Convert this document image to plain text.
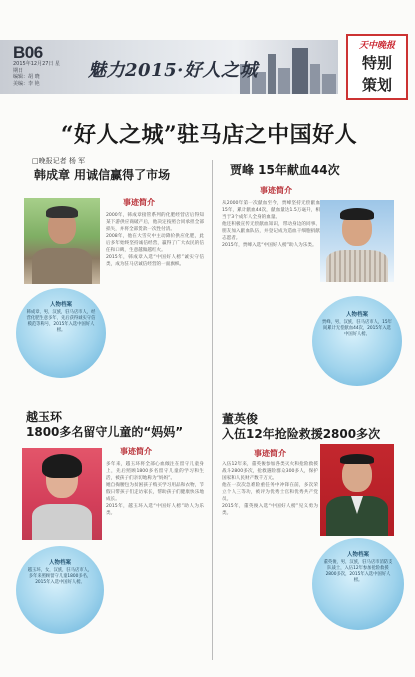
B06
2015年12月27日 星期日
编辑：胡 晓
美编：李 艳
魅力2015·好人之城
天中晚报
特别
策划
“好人之城”驻马店之中国好人
□晚报记者 杨 军
韩成章 用诚信赢得了市场
事迹简介

2000年，韩成章接管系列的化肥经营店后得知某下游供应商破产后，他决定按照合同承担全部损失，并将全部货款一次性付清。

2008年，他在大雪灾中主动降价供应化肥，此后多年始终坚持诚信经营，赢得了广大农民的信任和口碑，生意越做越红火。

2015年，韩成章入选“中国好人榜”诚实守信类，成为驻马店诚信经营的一面旗帜。

人物档案
韩成章，男，汉族，驻马店市人，经营化肥生意多年，先后获得诚实守信模范等称号，2015年入选中国好人榜。
贾峰 15年献血44次
事迹简介

从2000年第一次献血至今，贾峰坚持无偿献血15年，累计献血44次，献血量达1.5万毫升，相当于3个成年人全身的血量。

他还积极宣传无偿献血知识，带动身边的同事、朋友加入献血队伍，并登记成为造血干细胞捐献志愿者。

2015年，贾峰入选“中国好人榜”助人为乐类。

人物档案
贾峰，男，汉族，驻马店市人，15年间累计无偿献血44次，2015年入选中国好人榜。
越玉环
1800多名留守儿童的“妈妈”
事迹简介

多年来，越玉环将全部心血倾注在留守儿童身上，先后照顾1800多名留守儿童的学习和生活，被孩子们亲切地称为“妈妈”。

她自掏腰包为贫困孩子购买学习用品和衣物，节假日带孩子们走访家长，帮助孩子们健康快乐地成长。

2015年，越玉环入选“中国好人榜”助人为乐类。

人物档案
越玉环，女，汉族，驻马店市人，多年来照顾留守儿童1800多名，2015年入选中国好人榜。
董英俊
入伍12年抢险救援2800多次
事迹简介

入伍12年来，董英俊参加各类灭火和抢险救援战斗2800多次，抢救遇险群众300多人，保护国家和人民财产数千万元。

他在一次次急难险重任务中冲锋在前，多次荣立个人三等功，被评为优秀士官和优秀共产党员。

2015年，董英俊入选“中国好人榜”见义勇为类。

人物档案
董英俊，男，汉族，驻马店市消防支队战士，入伍12年参加抢险救援2800多次，2015年入选中国好人榜。
